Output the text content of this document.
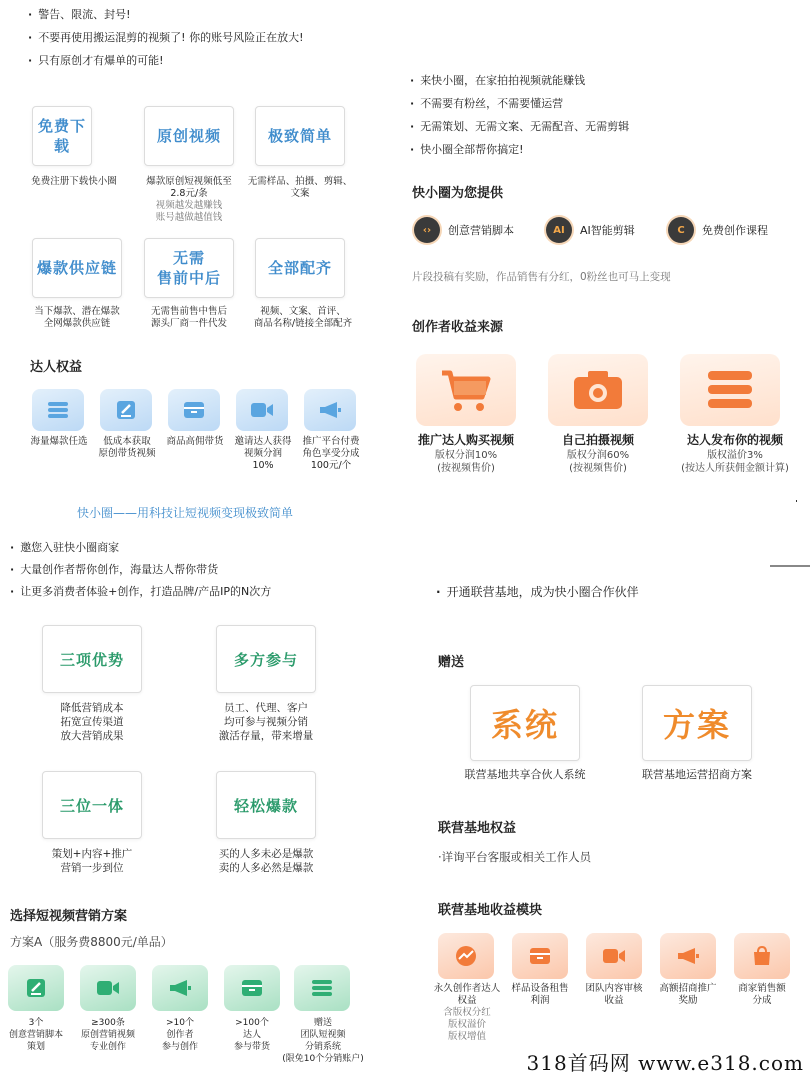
· 警告、限流、封号!
· 不要再使用搬运混剪的视频了! 你的账号风险正在放大!
· 只有原创才有爆单的可能!
免费下载
原创视频	极致简单
免费注册下载快小圈	爆款原创短视频低至
2.8元/条
视频越发越赚钱
账号越做越值钱
无需样品、拍摄、剪辑、
文案
爆款供应链
无需
售前中后
全部配齐
当下爆款、潜在爆款
全网爆款供应链
无需售前售中售后
源头厂商一件代发
视频、文案、首评、
商品名称/链接全部配齐
达人权益
海量爆款任选	低成本获取
原创带货视频
商品高佣带货	邀请达人获得
视频分润
10%
推广平台付费
角色享受分成
100元/个
快小圈——用科技让短视频变现极致简单
· 来快小圈，在家拍拍视频就能赚钱
· 不需要有粉丝，不需要懂运营
· 无需策划、无需文案、无需配音、无需剪辑
· 快小圈全部帮你搞定!
快小圈为您提供
‹›	创意营销脚本	AI	AI智能剪辑	C	免费创作课程
片段投稿有奖励，作品销售有分红，0粉丝也可马上变现
创作者收益来源
推广达人购买视频
版权分润10%
(按视频售价)
自己拍摄视频
版权分润60%
(按视频售价)
达人发布你的视频
版权溢价3%
(按达人所获佣金额计算)
· 邀您入驻快小圈商家
· 大量创作者帮你创作，海量达人帮你带货
· 让更多消费者体验+创作，打造品牌/产品IP的N次方
三项优势	多方参与
降低营销成本
拓宽宣传渠道
放大营销成果
员工、代理、客户
均可参与视频分销
激活存量，带来增量
三位一体	轻松爆款
策划+内容+推广
营销一步到位
买的人多未必是爆款
卖的人多必然是爆款
选择短视频营销方案
方案A（服务费8800元/单品）
3个
创意营销脚本
策划
≥300条
原创营销视频
专业创作
>10个
创作者
参与创作
>100个
达人
参与带货
赠送
团队短视频
分销系统
(限免10个分销账户)
· 开通联营基地，成为快小圈合作伙伴
赠送
系统	方案
联营基地共享合伙人系统	联营基地运营招商方案
联营基地权益
·详询平台客服或相关工作人员
联营基地收益模块
永久创作者达人
权益
含版权分红
版权溢价
版权增值
样品设备租售
利润
团队内容审核
收益
高额招商推广
奖励
商家销售额
分成
318首码网 www.e318.com
